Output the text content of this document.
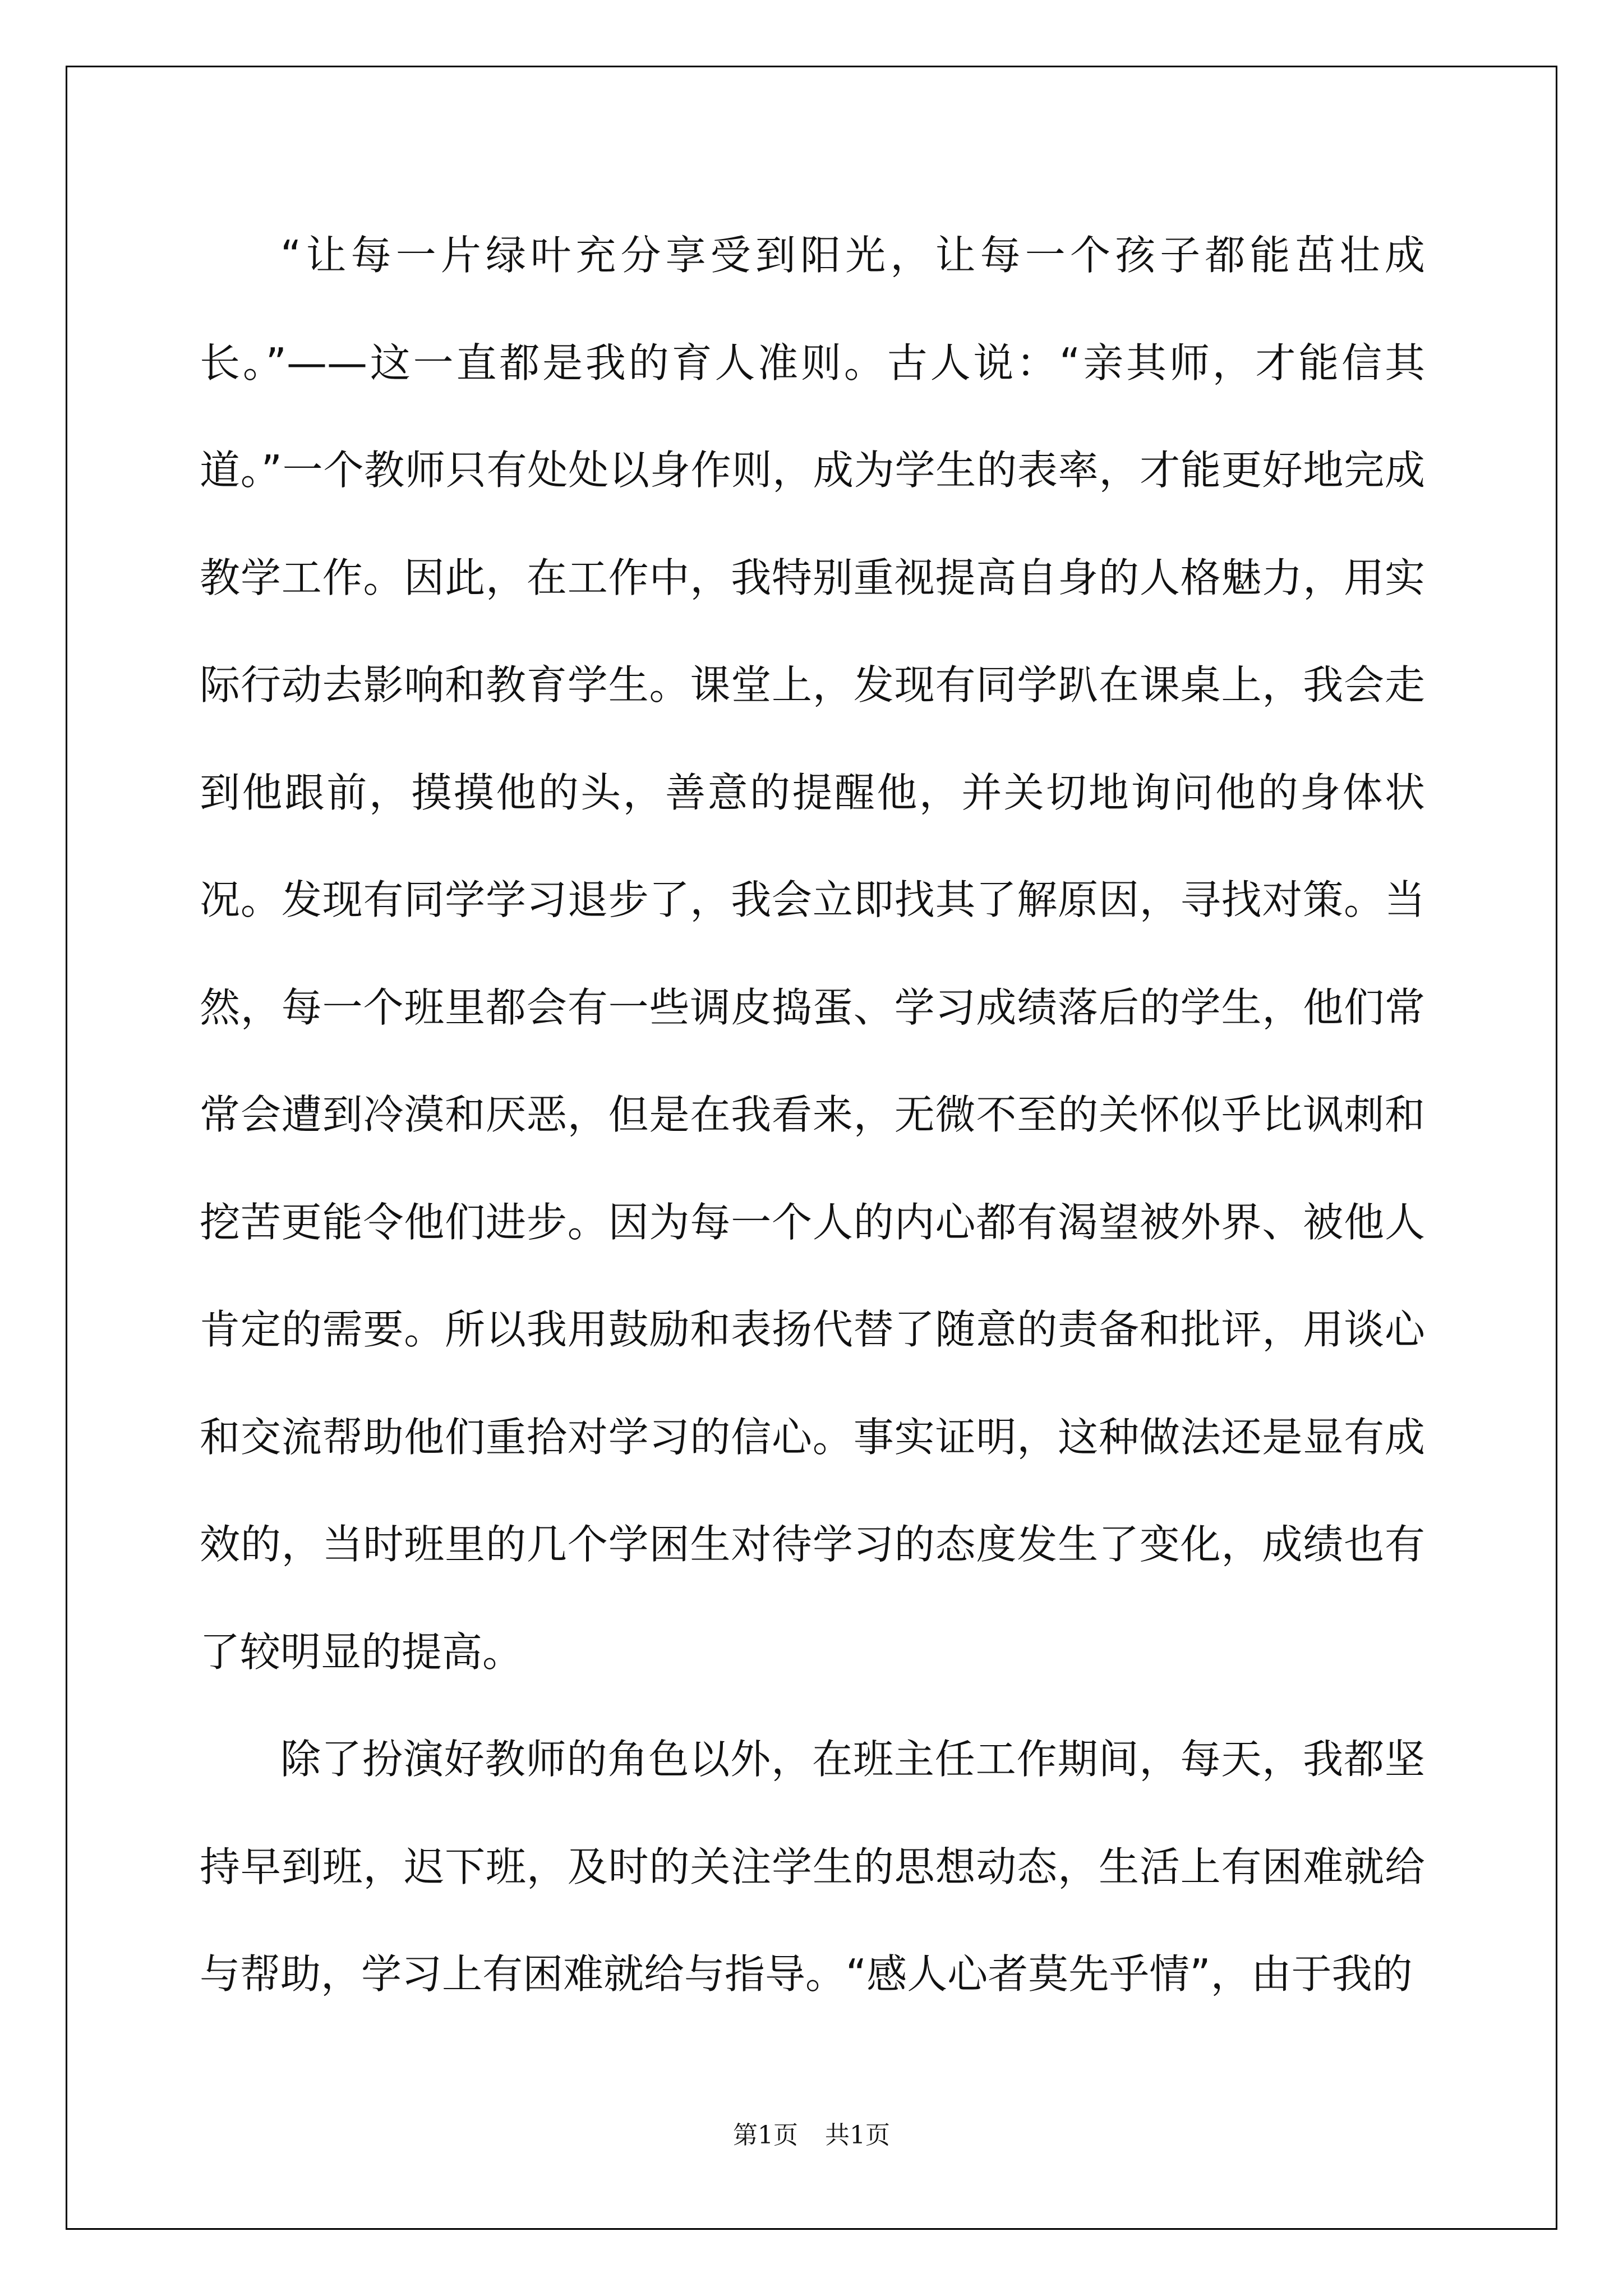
“让每一片绿叶充分享受到阳光，让每一个孩子都能茁壮成长。”——这一直都是我的育人准则。古人说：“亲其师，才能信其道。”一个教师只有处处以身作则，成为学生的表率，才能更好地完成教学工作。因此，在工作中，我特别重视提高自身的人格魅力，用实际行动去影响和教育学生。课堂上，发现有同学趴在课桌上，我会走到他跟前，摸摸他的头，善意的提醒他，并关切地询问他的身体状况。发现有同学学习退步了，我会立即找其了解原因，寻找对策。当然，每一个班里都会有一些调皮捣蛋、学习成绩落后的学生，他们常常会遭到冷漠和厌恶，但是在我看来，无微不至的关怀似乎比讽刺和挖苦更能令他们进步。因为每一个人的内心都有渴望被外界、被他人肯定的需要。所以我用鼓励和表扬代替了随意的责备和批评，用谈心和交流帮助他们重拾对学习的信心。事实证明，这种做法还是显有成效的，当时班里的几个学困生对待学习的态度发生了变化，成绩也有了较明显的提高。

除了扮演好教师的角色以外，在班主任工作期间，每天，我都坚持早到班，迟下班，及时的关注学生的思想动态，生活上有困难就给与帮助，学习上有困难就给与指导。“感人心者莫先乎情”，由于我的

第1页 共1页
